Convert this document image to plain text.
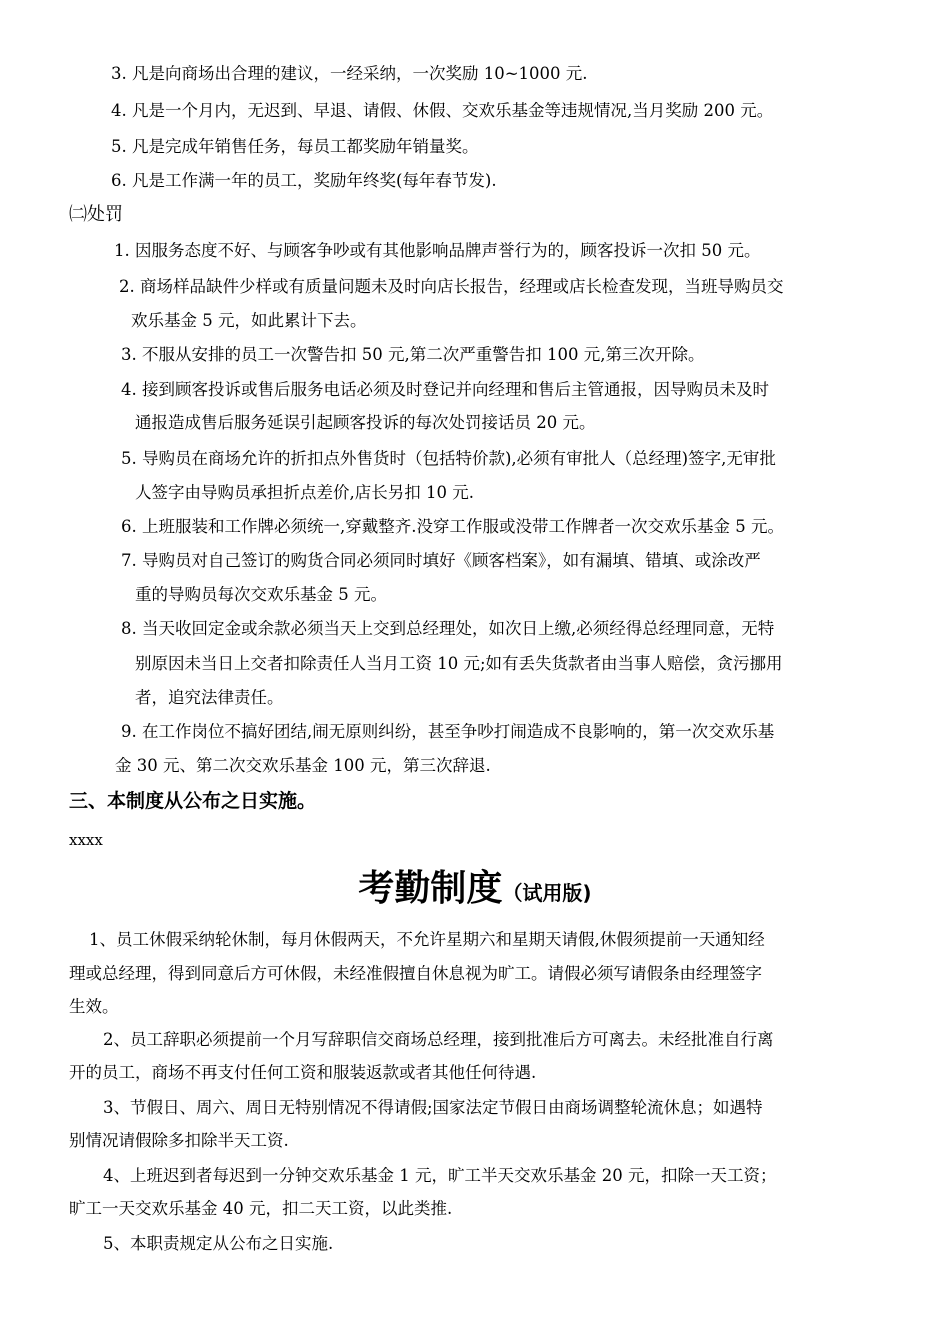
3. 凡是向商场出合理的建议，一经采纳，一次奖励 10~1000 元.
4. 凡是一个月内，无迟到、早退、请假、休假、交欢乐基金等违规情况,当月奖励 200 元。
5. 凡是完成年销售任务，每员工都奖励年销量奖。
6. 凡是工作满一年的员工，奖励年终奖(每年春节发).
㈡处罚
1. 因服务态度不好、与顾客争吵或有其他影响品牌声誉行为的，顾客投诉一次扣 50 元。
2. 商场样品缺件少样或有质量问题未及时向店长报告，经理或店长检查发现，当班导购员交
欢乐基金 5 元，如此累计下去。
3. 不服从安排的员工一次警告扣 50 元,第二次严重警告扣 100 元,第三次开除。
4. 接到顾客投诉或售后服务电话必须及时登记并向经理和售后主管通报，因导购员未及时
通报造成售后服务延误引起顾客投诉的每次处罚接话员 20 元。
5. 导购员在商场允许的折扣点外售货时（包括特价款),必须有审批人（总经理)签字,无审批
人签字由导购员承担折点差价,店长另扣 10 元.
6. 上班服装和工作牌必须统一,穿戴整齐.没穿工作服或没带工作牌者一次交欢乐基金 5 元。
7. 导购员对自己签订的购货合同必须同时填好《顾客档案》，如有漏填、错填、或涂改严
重的导购员每次交欢乐基金 5 元。
8. 当天收回定金或余款必须当天上交到总经理处，如次日上缴,必须经得总经理同意，无特
别原因未当日上交者扣除责任人当月工资 10 元;如有丢失货款者由当事人赔偿，贪污挪用
者，追究法律责任。
9. 在工作岗位不搞好团结,闹无原则纠纷，甚至争吵打闹造成不良影响的，第一次交欢乐基
金 30 元、第二次交欢乐基金 100 元，第三次辞退.
三、本制度从公布之日实施。
xxxx
考勤制度（试用版)
1、员工休假采纳轮休制，每月休假两天，不允许星期六和星期天请假,休假须提前一天通知经
理或总经理，得到同意后方可休假，未经准假擅自休息视为旷工。请假必须写请假条由经理签字
生效。
2、员工辞职必须提前一个月写辞职信交商场总经理，接到批准后方可离去。未经批准自行离
开的员工，商场不再支付任何工资和服装返款或者其他任何待遇.
3、节假日、周六、周日无特别情况不得请假;国家法定节假日由商场调整轮流休息；如遇特
别情况请假除多扣除半天工资.
4、上班迟到者每迟到一分钟交欢乐基金 1 元，旷工半天交欢乐基金 20 元，扣除一天工资；
旷工一天交欢乐基金 40 元，扣二天工资，以此类推.
5、本职责规定从公布之日实施.
